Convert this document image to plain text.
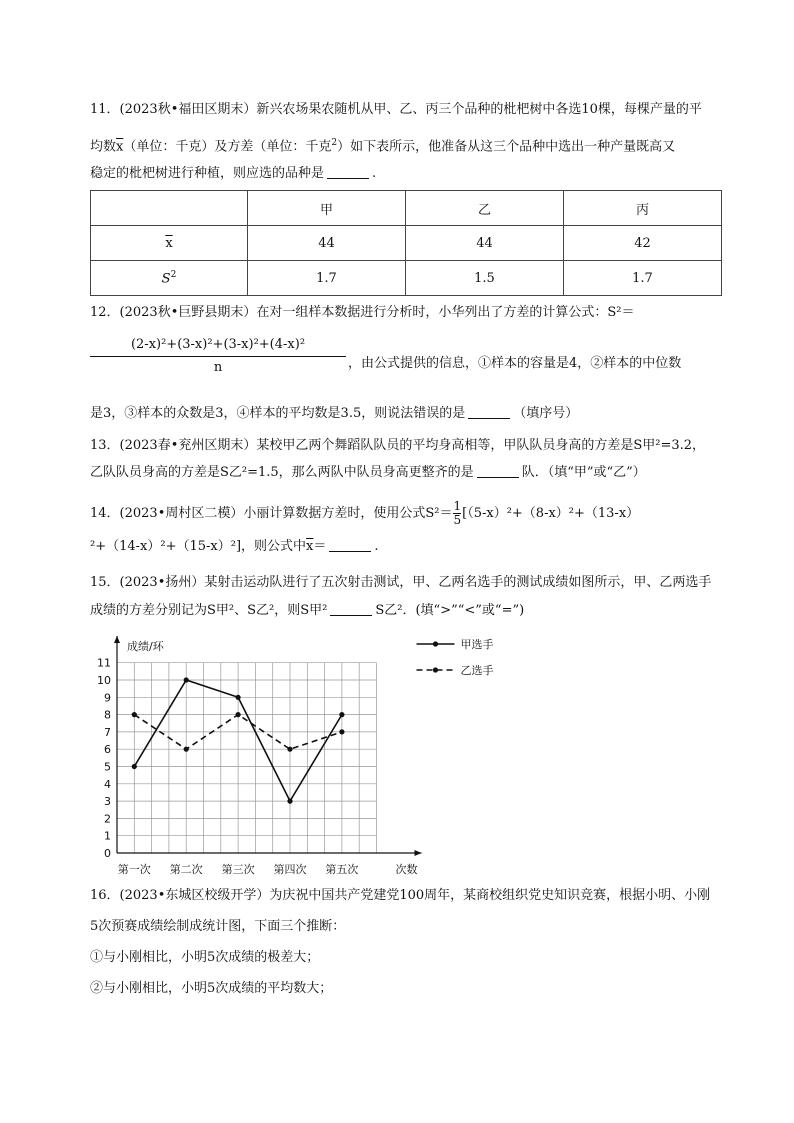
11．(2023秋•福田区期末）新兴农场果农随机从甲、乙、丙三个品种的枇杷树中各选10棵，每棵产量的平
均数$\overline{x}$（单位：千克）及方差（单位：千克$^2$）如下表所示，他准备从这三个品种中选出一种产量既高又
稳定的枇杷树进行种植，则应选的品种是	.
	甲	乙	丙
$\overline{x}$	44	44	42
$S^2$	1.7	1.5	1.7
12．(2023秋•巨野县期末）在对一组样本数据进行分析时，小华列出了方差的计算公式：S²＝
(2-x)²+(3-x)²+(3-x)²+(4-x)²
n	，由公式提供的信息，①样本的容量是4，②样本的中位数
是3，③样本的众数是3，④样本的平均数是3.5，则说法错误的是	（填序号）
13．(2023春•兖州区期末）某校甲乙两个舞蹈队队员的平均身高相等，甲队队员身高的方差是S甲²=3.2，
乙队队员身高的方差是S乙²=1.5，那么两队中队员身高更整齐的是	队．（填“甲”或“乙”）
14．(2023•周村区二模）小丽计算数据方差时，使用公式$S^2= \frac{1}{5} [(5-x)^2+(8-x)^2+(13-x)$
²+（14-x）²+（15-x）²]，则公式中$\overline{x}=$	.
15．(2023•扬州）某射击运动队进行了五次射击测试，甲、乙两名选手的测试成绩如图所示，甲、乙两选手
成绩的方差分别记为S甲²、S乙²，则S甲²	S乙²．(填“>”“<”或“=”)
0
1
2
3
4
5
6
7
8
9
10
11
成绩/环
次数
第一次 第二次 第三次 第四次 第五次
甲选手
乙选手
16．(2023•东城区校级开学）为庆祝中国共产党建党100周年，某商校组织党史知识竞赛，根据小明、小刚
5次预赛成绩绘制成统计图，下面三个推断：
①与小刚相比，小明5次成绩的极差大；
②与小刚相比，小明5次成绩的平均数大；
